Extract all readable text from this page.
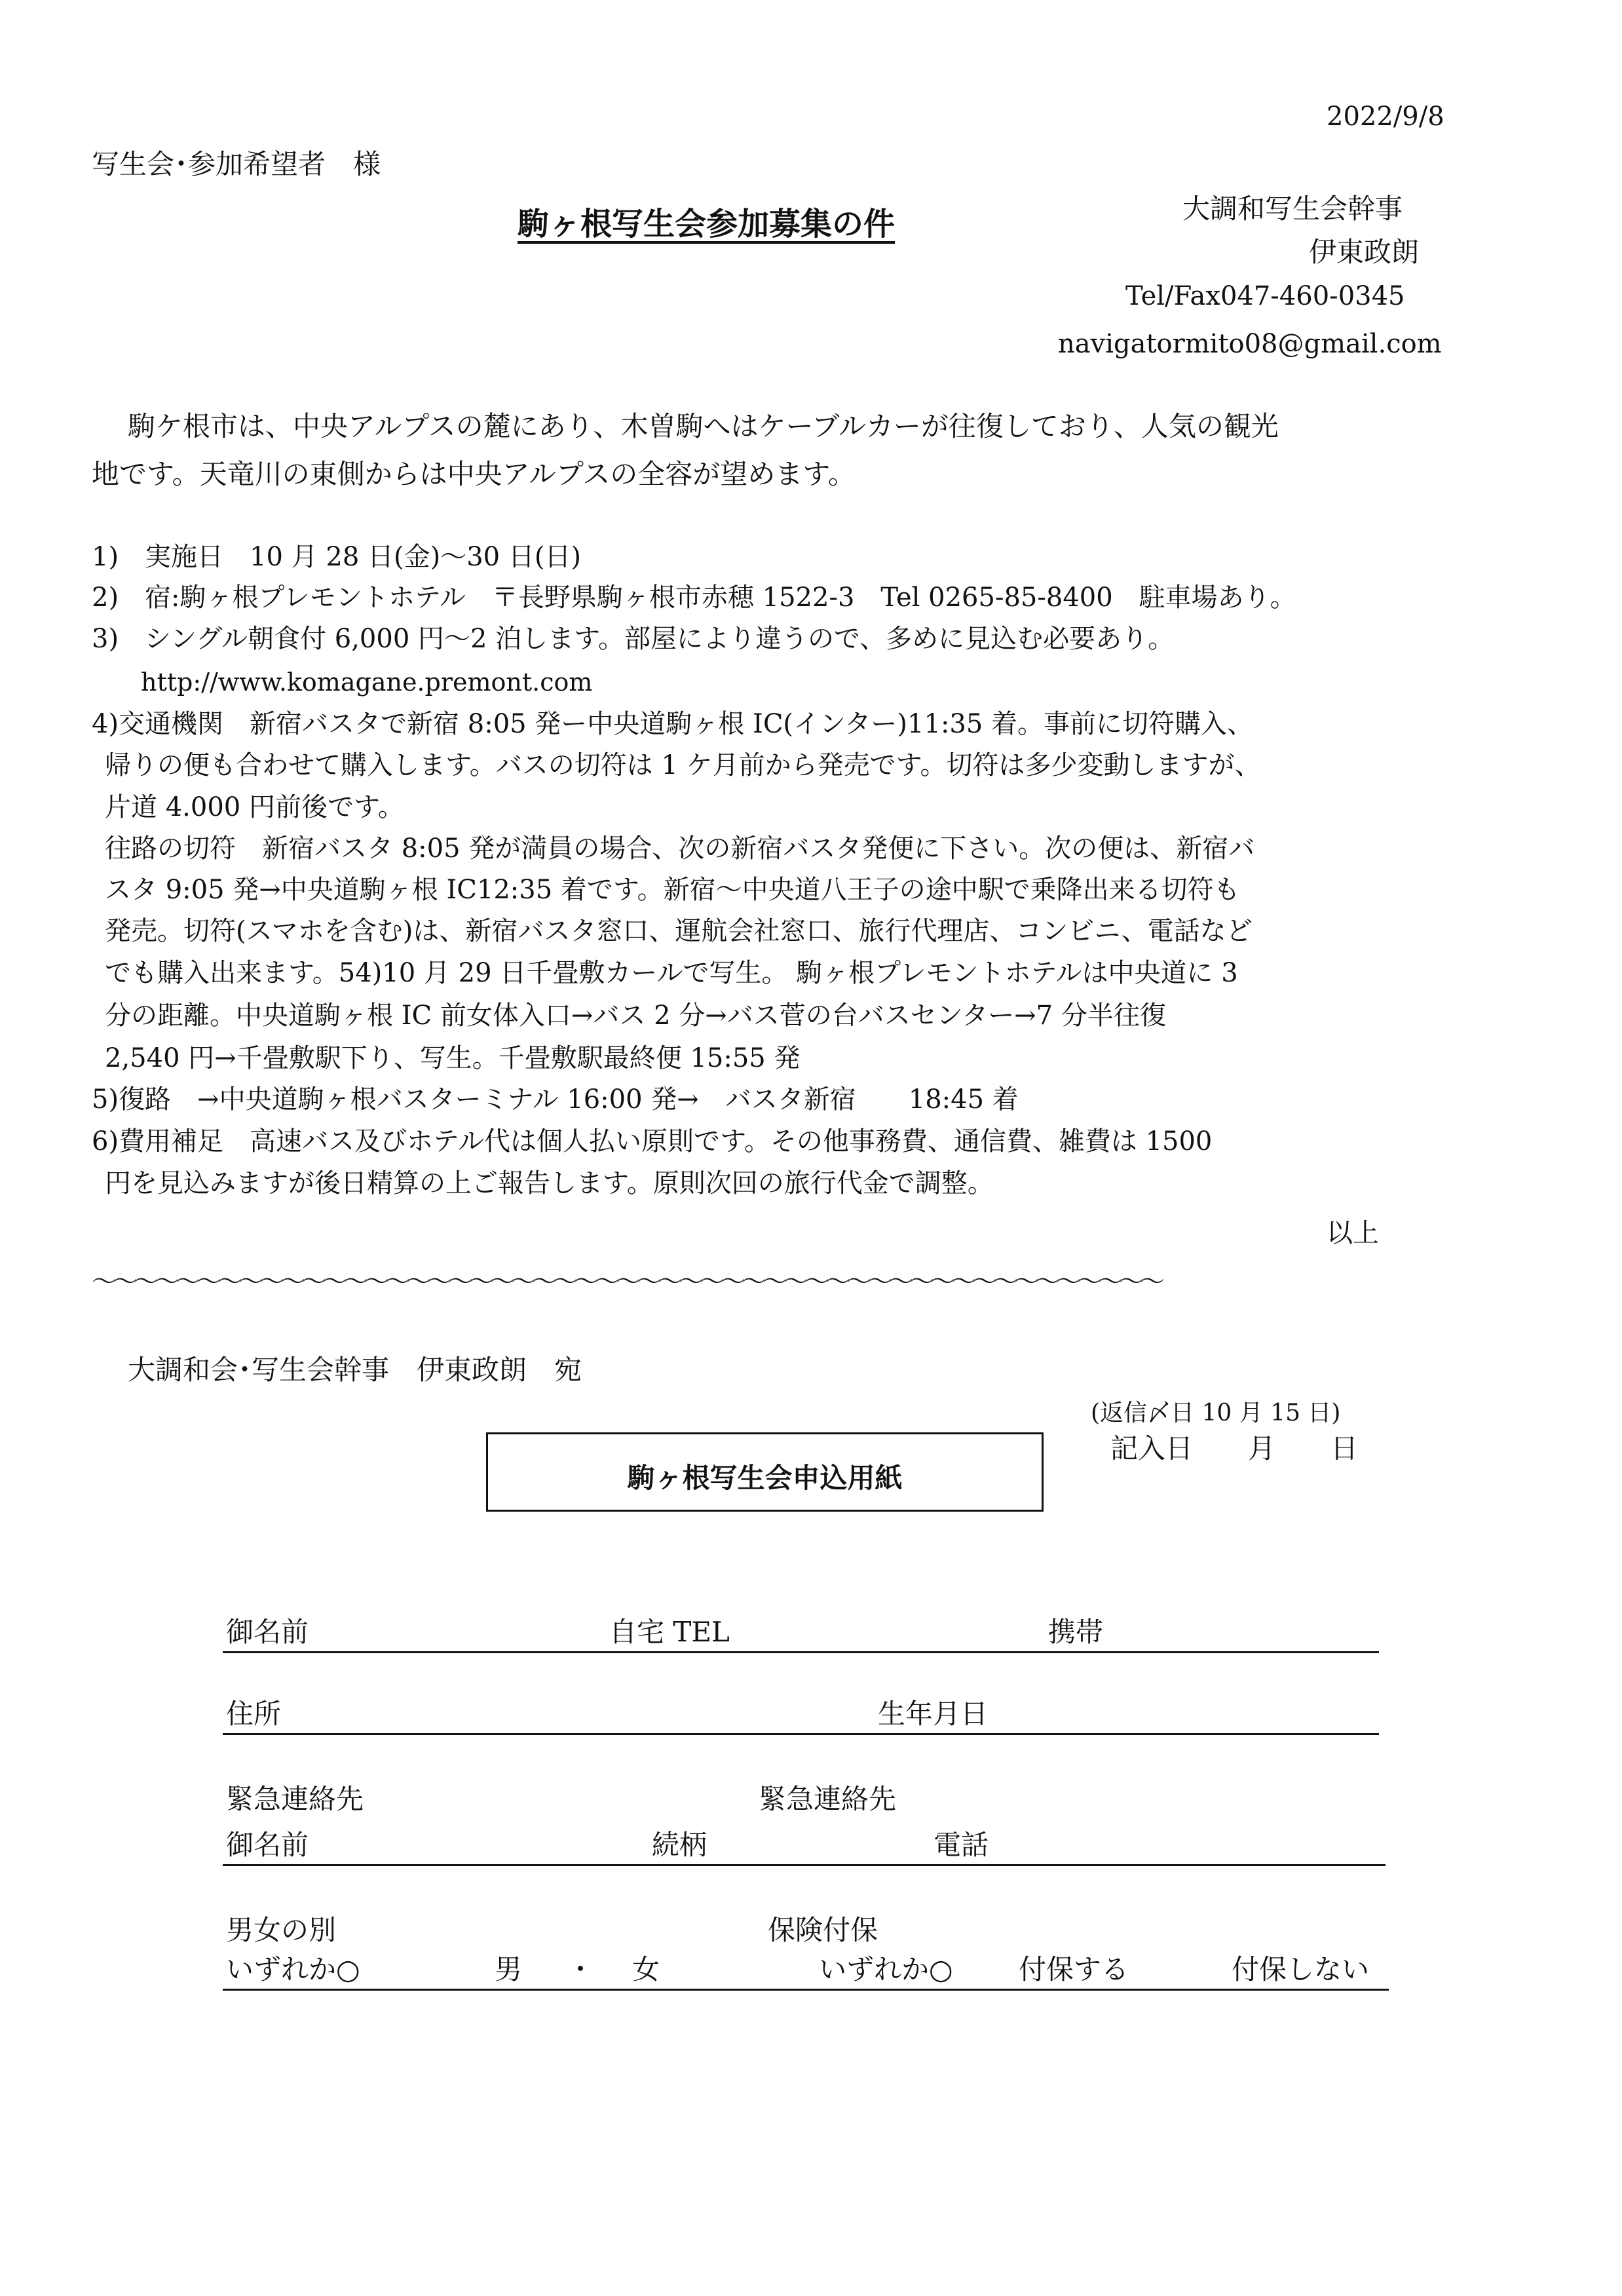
2022/9/8
写生会･参加希望者　様
駒ヶ根写生会参加募集の件	大調和写生会幹事
伊東政朗
Tel/Fax047-460-0345
navigatormito08@gmail.com
駒ケ根市は、中央アルプスの麓にあり、木曽駒へはケーブルカーが往復しており、人気の観光
地です。天竜川の東側からは中央アルプスの全容が望めます。
1)　実施日　10 月 28 日(金)～30 日(日)
2)　宿:駒ヶ根プレモントホテル　〒長野県駒ヶ根市赤穂 1522-3　Tel 0265-85-8400　駐車場あり。
3)　シングル朝食付 6,000 円～2 泊します。部屋により違うので、多めに見込む必要あり。
http://www.komagane.premont.com
4)交通機関　新宿バスタで新宿 8:05 発ー中央道駒ヶ根 IC(インター)11:35 着。事前に切符購入、
帰りの便も合わせて購入します。バスの切符は 1 ケ月前から発売です。切符は多少変動しますが、
片道 4.000 円前後です。
往路の切符　新宿バスタ 8:05 発が満員の場合、次の新宿バスタ発便に下さい。次の便は、新宿バ
スタ 9:05 発→中央道駒ヶ根 IC12:35 着です。新宿～中央道八王子の途中駅で乗降出来る切符も
発売。切符(スマホを含む)は、新宿バスタ窓口、運航会社窓口、旅行代理店、コンビニ、電話など
でも購入出来ます。54)10 月 29 日千畳敷カールで写生。 駒ヶ根プレモントホテルは中央道に 3
分の距離。中央道駒ヶ根 IC 前女体入口→バス 2 分→バス菅の台バスセンター→7 分半往復
2,540 円→千畳敷駅下り、写生。千畳敷駅最終便 15:55 発
5)復路　→中央道駒ヶ根バスターミナル 16:00 発→　バスタ新宿　　18:45 着
6)費用補足　高速バス及びホテル代は個人払い原則です。その他事務費、通信費、雑費は 1500
円を見込みますが後日精算の上ご報告します。原則次回の旅行代金で調整。
以上
～～～～～～～～～～～～～～～～～～～～～～～～～～～～～～～～～～～～～～～～～～～～～～～～～～～
大調和会･写生会幹事　伊東政朗　宛
(返信〆日 10 月 15 日)
記入日　　月　　日
駒ヶ根写生会申込用紙
御名前	自宅 TEL	携帯
住所	生年月日
緊急連絡先	緊急連絡先
御名前	続柄	電話
男女の別	保険付保
いずれか○	男 ・ 女	いずれか○ 付保する	付保しない
